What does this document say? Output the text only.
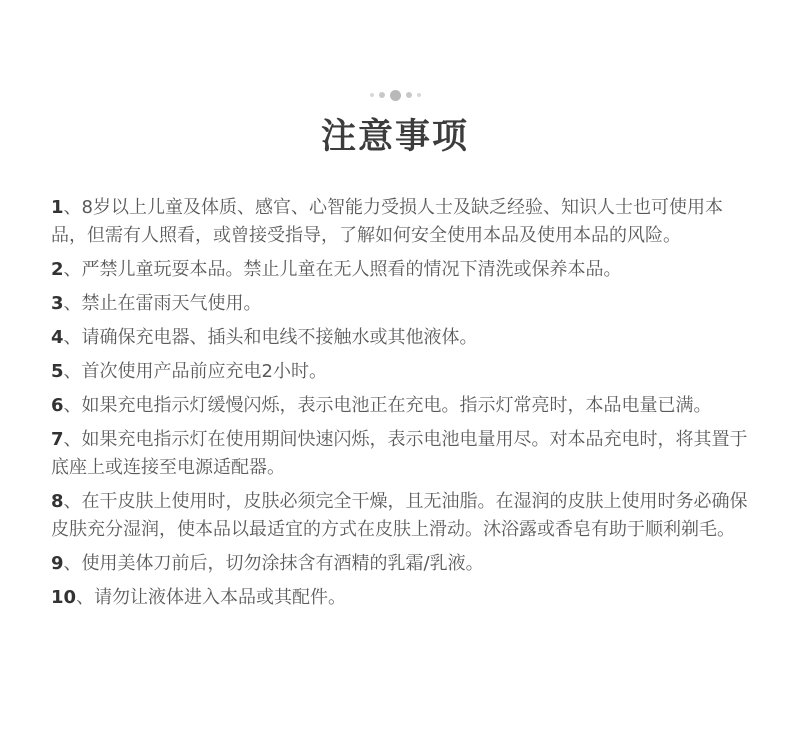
注意事项
1、8岁以上儿童及体质、感官、心智能力受损人士及缺乏经验、知识人士也可使用本品，但需有人照看，或曾接受指导，了解如何安全使用本品及使用本品的风险。
2、严禁儿童玩耍本品。禁止儿童在无人照看的情况下清洗或保养本品。
3、禁止在雷雨天气使用。
4、请确保充电器、插头和电线不接触水或其他液体。
5、首次使用产品前应充电2小时。
6、如果充电指示灯缓慢闪烁，表示电池正在充电。指示灯常亮时，本品电量已满。
7、如果充电指示灯在使用期间快速闪烁，表示电池电量用尽。对本品充电时，将其置于底座上或连接至电源适配器。
8、在干皮肤上使用时，皮肤必须完全干燥，且无油脂。在湿润的皮肤上使用时务必确保皮肤充分湿润，使本品以最适宜的方式在皮肤上滑动。沐浴露或香皂有助于顺利剃毛。
9、使用美体刀前后，切勿涂抹含有酒精的乳霜/乳液。
10、请勿让液体进入本品或其配件。
